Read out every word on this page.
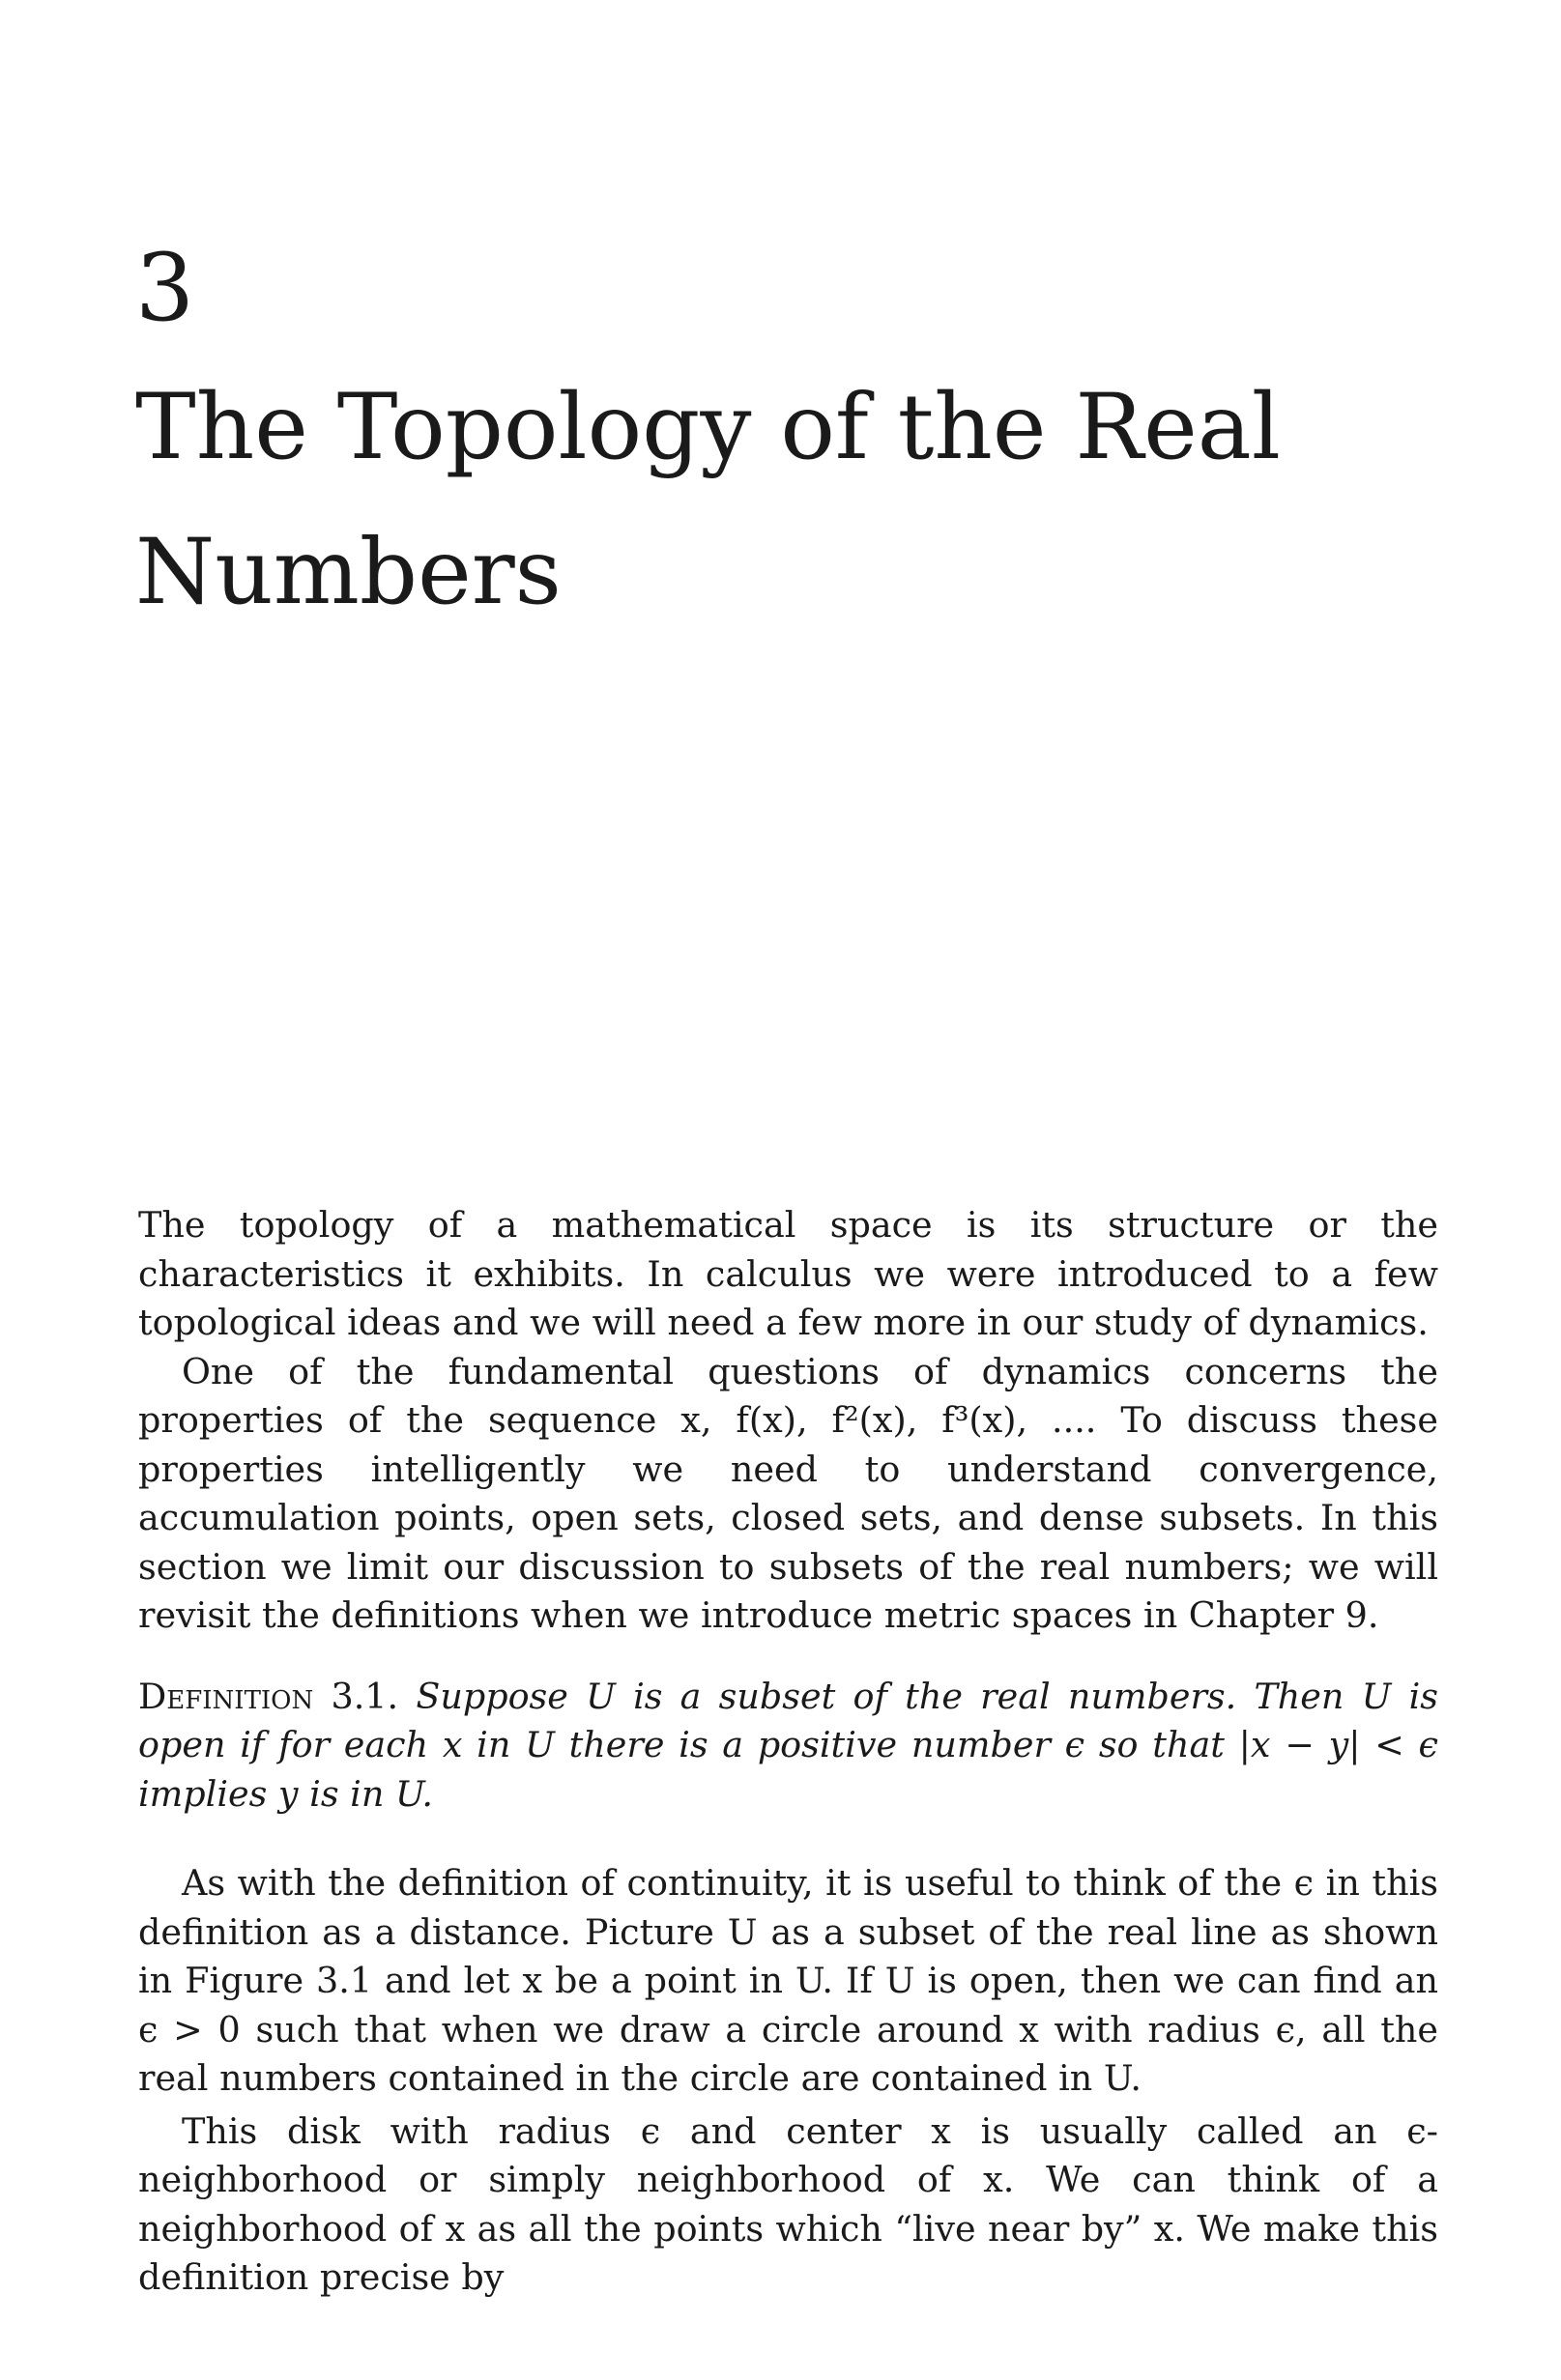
3
The Topology of the Real Numbers

The topology of a mathematical space is its structure or the characteristics it exhibits. In calculus we were introduced to a few topological ideas and we will need a few more in our study of dynamics.

One of the fundamental questions of dynamics concerns the properties of the sequence x, f(x), f²(x), f³(x), .... To discuss these properties intelligently we need to understand convergence, accumulation points, open sets, closed sets, and dense subsets. In this section we limit our discussion to subsets of the real numbers; we will revisit the definitions when we introduce metric spaces in Chapter 9.

Definition 3.1. Suppose U is a subset of the real numbers. Then U is open if for each x in U there is a positive number ϵ so that |x − y| < ϵ implies y is in U.

As with the definition of continuity, it is useful to think of the ϵ in this definition as a distance. Picture U as a subset of the real line as shown in Figure 3.1 and let x be a point in U. If U is open, then we can find an ϵ > 0 such that when we draw a circle around x with radius ϵ, all the real numbers contained in the circle are contained in U.

This disk with radius ϵ and center x is usually called an ϵ-neighborhood or simply neighborhood of x. We can think of a neighborhood of x as all the points which “live near by” x. We make this definition precise by
